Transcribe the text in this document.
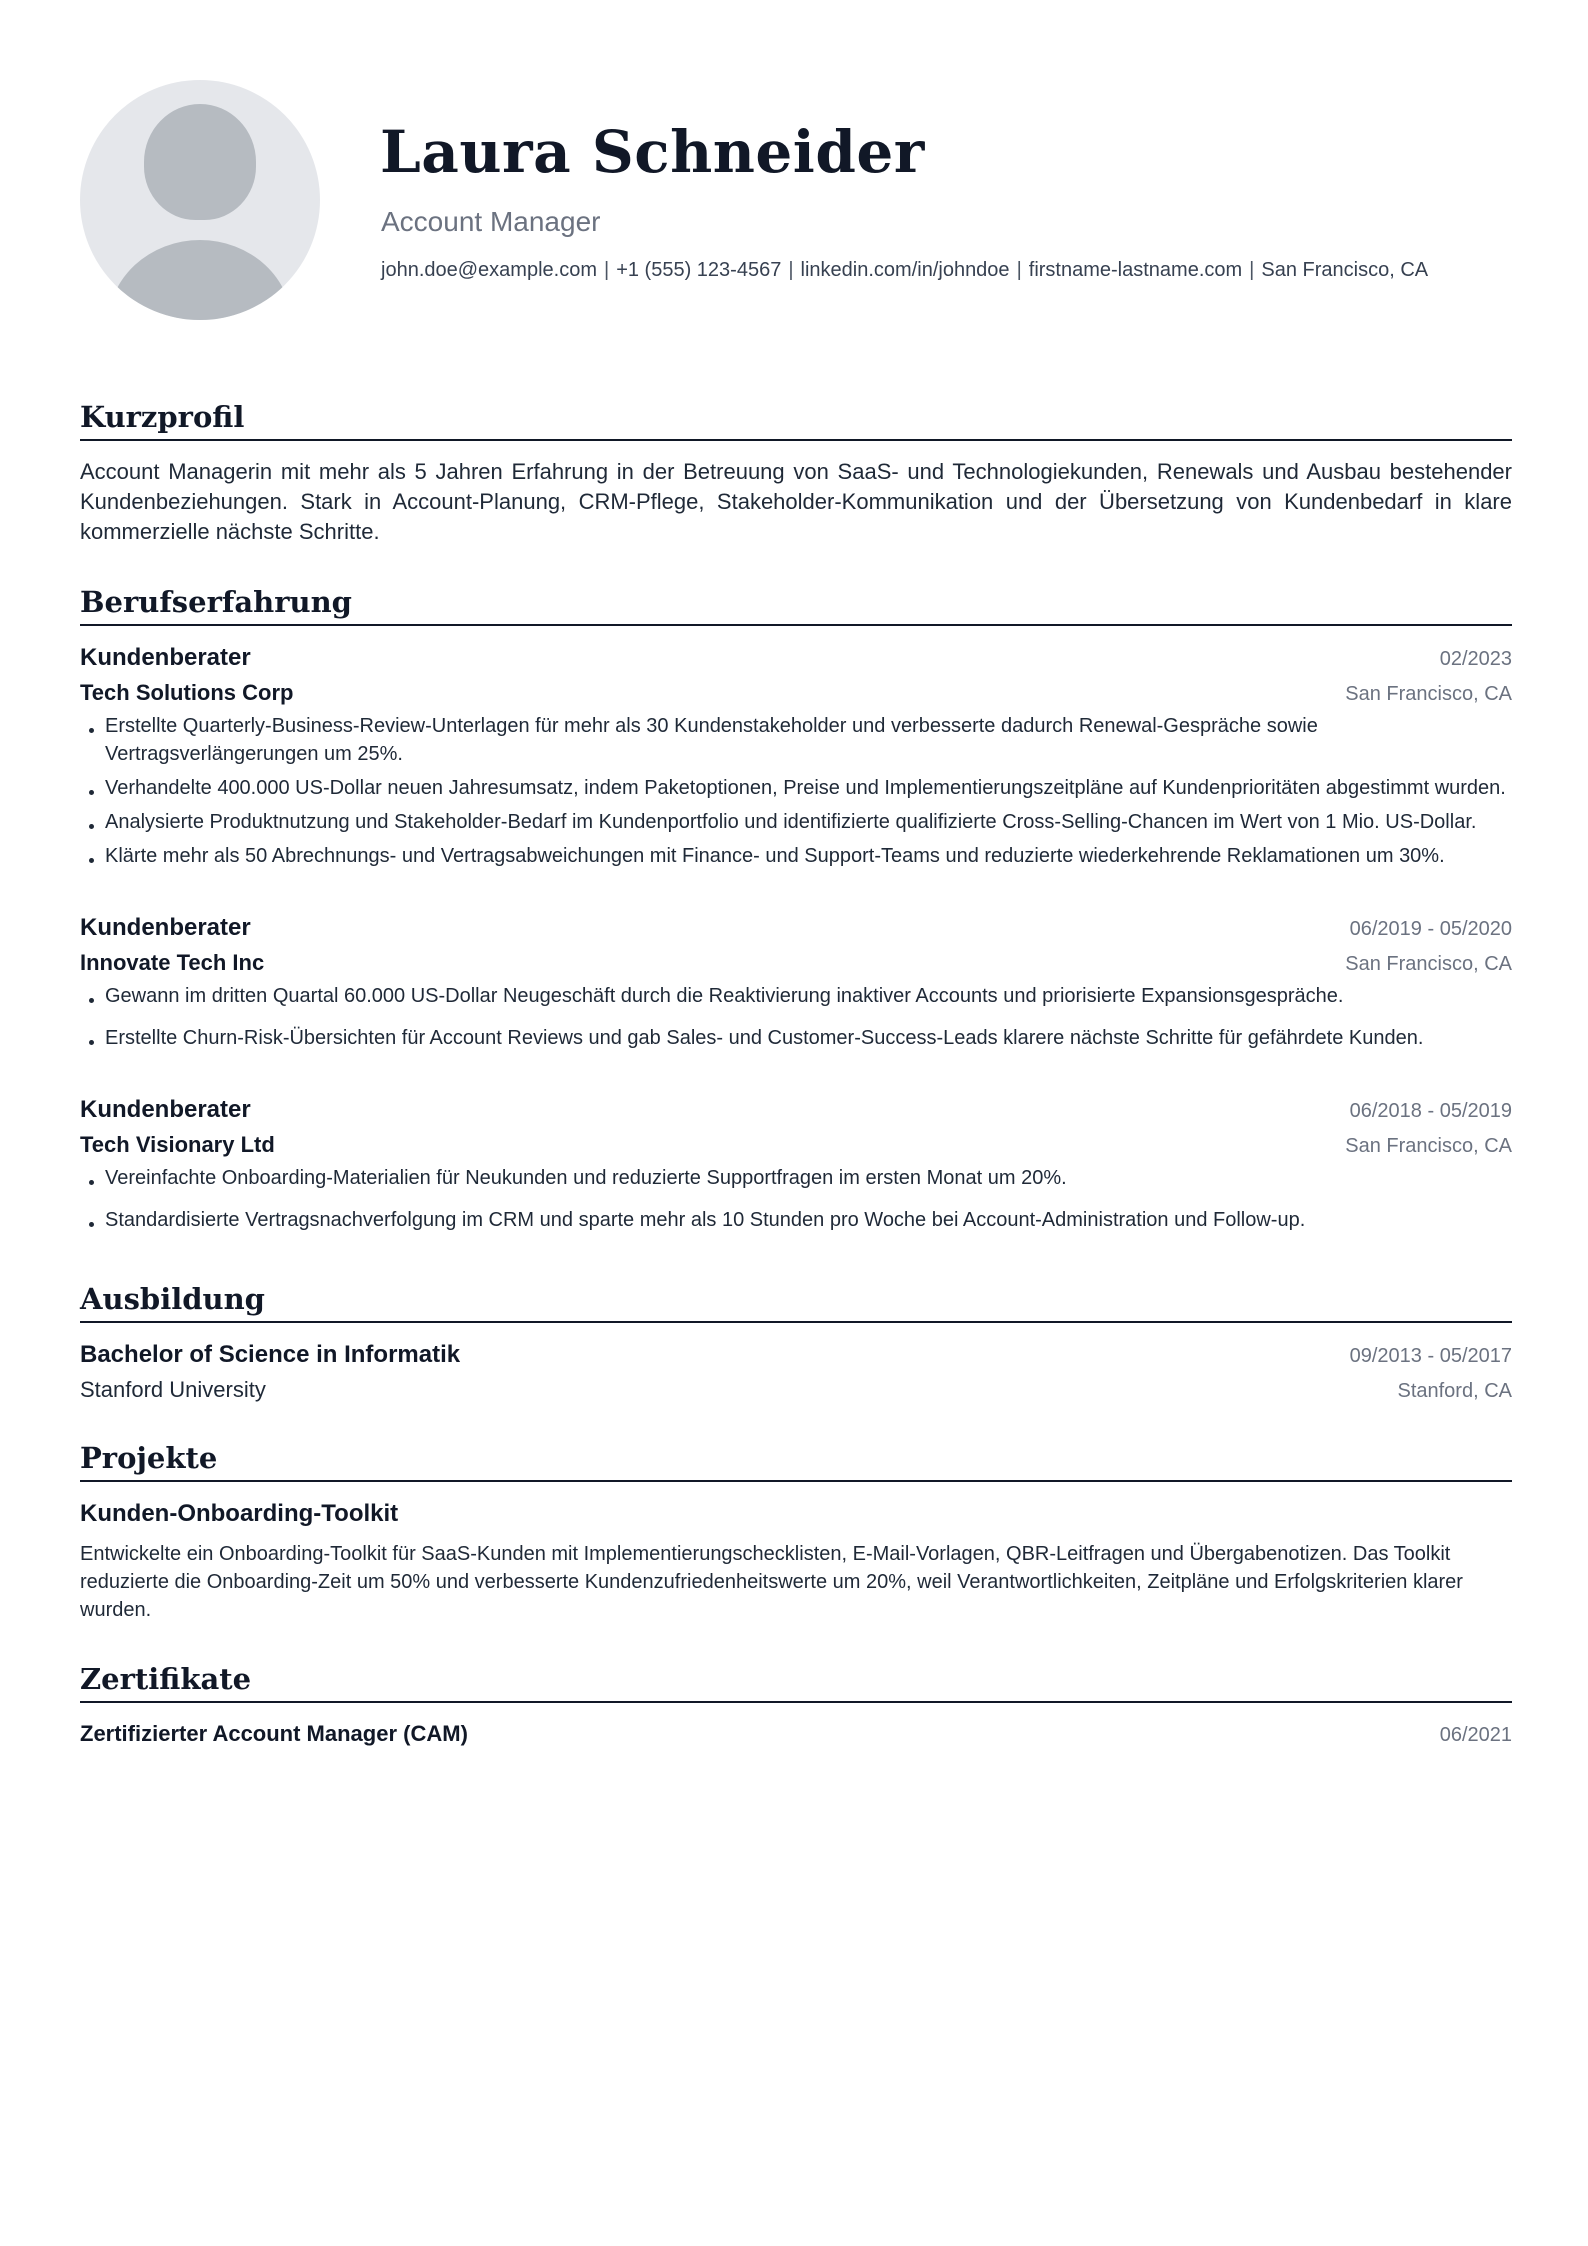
Laura Schneider
Account Manager
john.doe@example.com | +1 (555) 123-4567 | linkedin.com/in/johndoe | firstname-lastname.com | San Francisco, CA
Kurzprofil

Account Managerin mit mehr als 5 Jahren Erfahrung in der Betreuung von SaaS- und Technologiekunden, Renewals und Ausbau bestehender Kundenbeziehungen. Stark in Account-Planung, CRM-Pflege, Stakeholder-Kommunikation und der Übersetzung von Kundenbedarf in klare kommerzielle nächste Schritte.

Berufserfahrung
Kundenberater	02/2023
Tech Solutions Corp	San Francisco, CA
Erstellte Quarterly-Business-Review-Unterlagen für mehr als 30 Kundenstakeholder und verbesserte dadurch Renewal-Gespräche sowie Vertragsverlängerungen um 25%.
Verhandelte 400.000 US-Dollar neuen Jahresumsatz, indem Paketoptionen, Preise und Implementierungszeitpläne auf Kundenprioritäten abgestimmt wurden.
Analysierte Produktnutzung und Stakeholder-Bedarf im Kundenportfolio und identifizierte qualifizierte Cross-Selling-Chancen im Wert von 1 Mio. US-Dollar.
Klärte mehr als 50 Abrechnungs- und Vertragsabweichungen mit Finance- und Support-Teams und reduzierte wiederkehrende Reklamationen um 30%.
Kundenberater	06/2019 - 05/2020
Innovate Tech Inc	San Francisco, CA
Gewann im dritten Quartal 60.000 US-Dollar Neugeschäft durch die Reaktivierung inaktiver Accounts und priorisierte Expansionsgespräche.
Erstellte Churn-Risk-Übersichten für Account Reviews und gab Sales- und Customer-Success-Leads klarere nächste Schritte für gefährdete Kunden.
Kundenberater	06/2018 - 05/2019
Tech Visionary Ltd	San Francisco, CA
Vereinfachte Onboarding-Materialien für Neukunden und reduzierte Supportfragen im ersten Monat um 20%.
Standardisierte Vertragsnachverfolgung im CRM und sparte mehr als 10 Stunden pro Woche bei Account-Administration und Follow-up.
Ausbildung
Bachelor of Science in Informatik	09/2013 - 05/2017
Stanford University	Stanford, CA
Projekte
Kunden-Onboarding-Toolkit

Entwickelte ein Onboarding-Toolkit für SaaS-Kunden mit Implementierungschecklisten, E-Mail-Vorlagen, QBR-Leitfragen und Übergabenotizen. Das Toolkit reduzierte die Onboarding-Zeit um 50% und verbesserte Kundenzufriedenheitswerte um 20%, weil Verantwortlichkeiten, Zeitpläne und Erfolgskriterien klarer wurden.

Zertifikate
Zertifizierter Account Manager (CAM)	06/2021
